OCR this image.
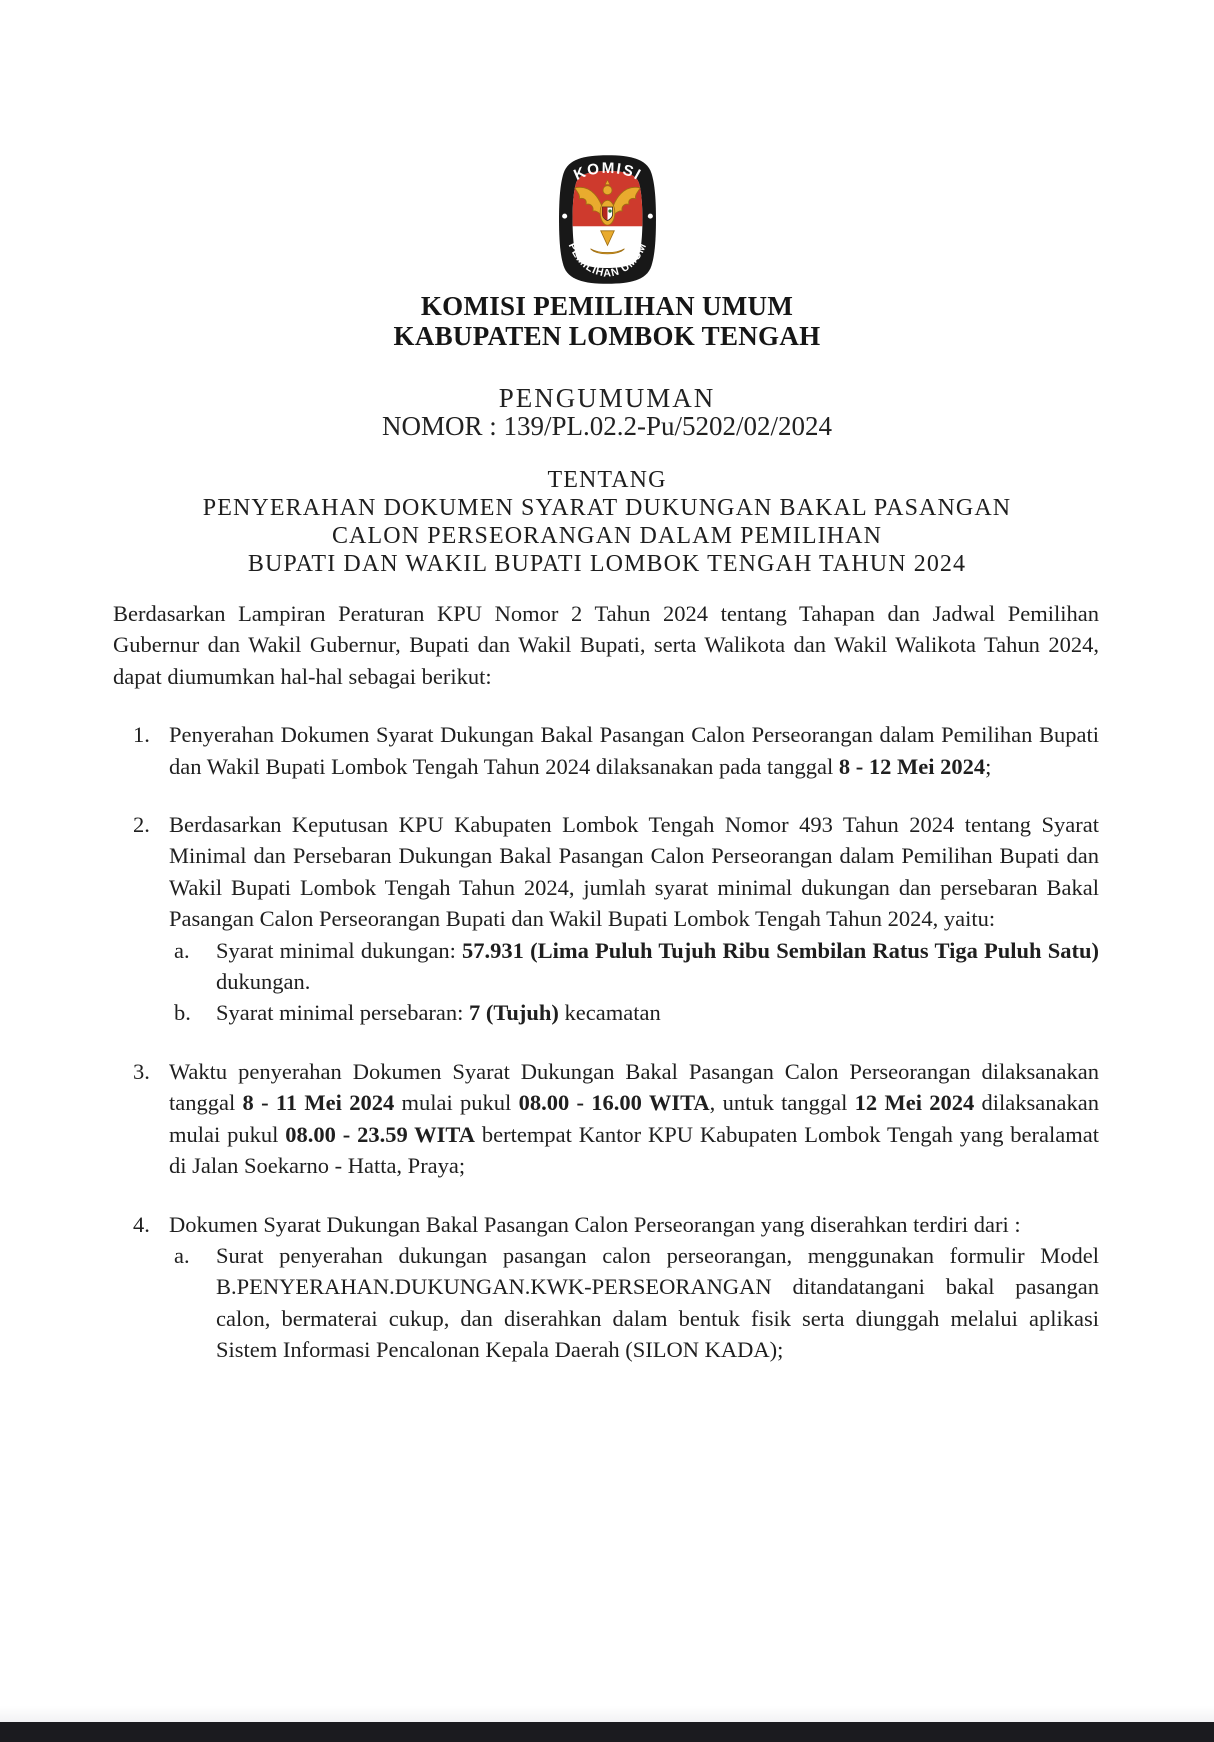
KOMISI
PEMILIHAN UMUM
KOMISI PEMILIHAN UMUM
KABUPATEN LOMBOK TENGAH
PENGUMUMAN
NOMOR : 139/PL.02.2-Pu/5202/02/2024
TENTANG
PENYERAHAN DOKUMEN SYARAT DUKUNGAN BAKAL PASANGAN
CALON PERSEORANGAN DALAM PEMILIHAN
BUPATI DAN WAKIL BUPATI LOMBOK TENGAH TAHUN 2024

Berdasarkan Lampiran Peraturan KPU Nomor 2 Tahun 2024 tentang Tahapan dan Jadwal Pemilihan Gubernur dan Wakil Gubernur, Bupati dan Wakil Bupati, serta Walikota dan Wakil Walikota Tahun 2024, dapat diumumkan hal-hal sebagai berikut:

1. Penyerahan Dokumen Syarat Dukungan Bakal Pasangan Calon Perseorangan dalam Pemilihan Bupati dan Wakil Bupati Lombok Tengah Tahun 2024 dilaksanakan pada tanggal 8 - 12 Mei 2024;
2. Berdasarkan Keputusan KPU Kabupaten Lombok Tengah Nomor 493 Tahun 2024 tentang Syarat Minimal dan Persebaran Dukungan Bakal Pasangan Calon Perseorangan dalam Pemilihan Bupati dan Wakil Bupati Lombok Tengah Tahun 2024, jumlah syarat minimal dukungan dan persebaran Bakal Pasangan Calon Perseorangan Bupati dan Wakil Bupati Lombok Tengah Tahun 2024, yaitu:
a.	Syarat minimal dukungan: 57.931 (Lima Puluh Tujuh Ribu Sembilan Ratus Tiga Puluh Satu) dukungan.
b.	Syarat minimal persebaran: 7 (Tujuh) kecamatan
3. Waktu penyerahan Dokumen Syarat Dukungan Bakal Pasangan Calon Perseorangan dilaksanakan tanggal 8 - 11 Mei 2024 mulai pukul 08.00 - 16.00 WITA, untuk tanggal 12 Mei 2024 dilaksanakan mulai pukul 08.00 - 23.59 WITA bertempat Kantor KPU Kabupaten Lombok Tengah yang beralamat di Jalan Soekarno - Hatta, Praya;
4. Dokumen Syarat Dukungan Bakal Pasangan Calon Perseorangan yang diserahkan terdiri dari :
a.	Surat penyerahan dukungan pasangan calon perseorangan, menggunakan formulir Model B.PENYERAHAN.DUKUNGAN.KWK-PERSEORANGAN ditandatangani bakal pasangan calon, bermaterai cukup, dan diserahkan dalam bentuk fisik serta diunggah melalui aplikasi Sistem Informasi Pencalonan Kepala Daerah (SILON KADA);
